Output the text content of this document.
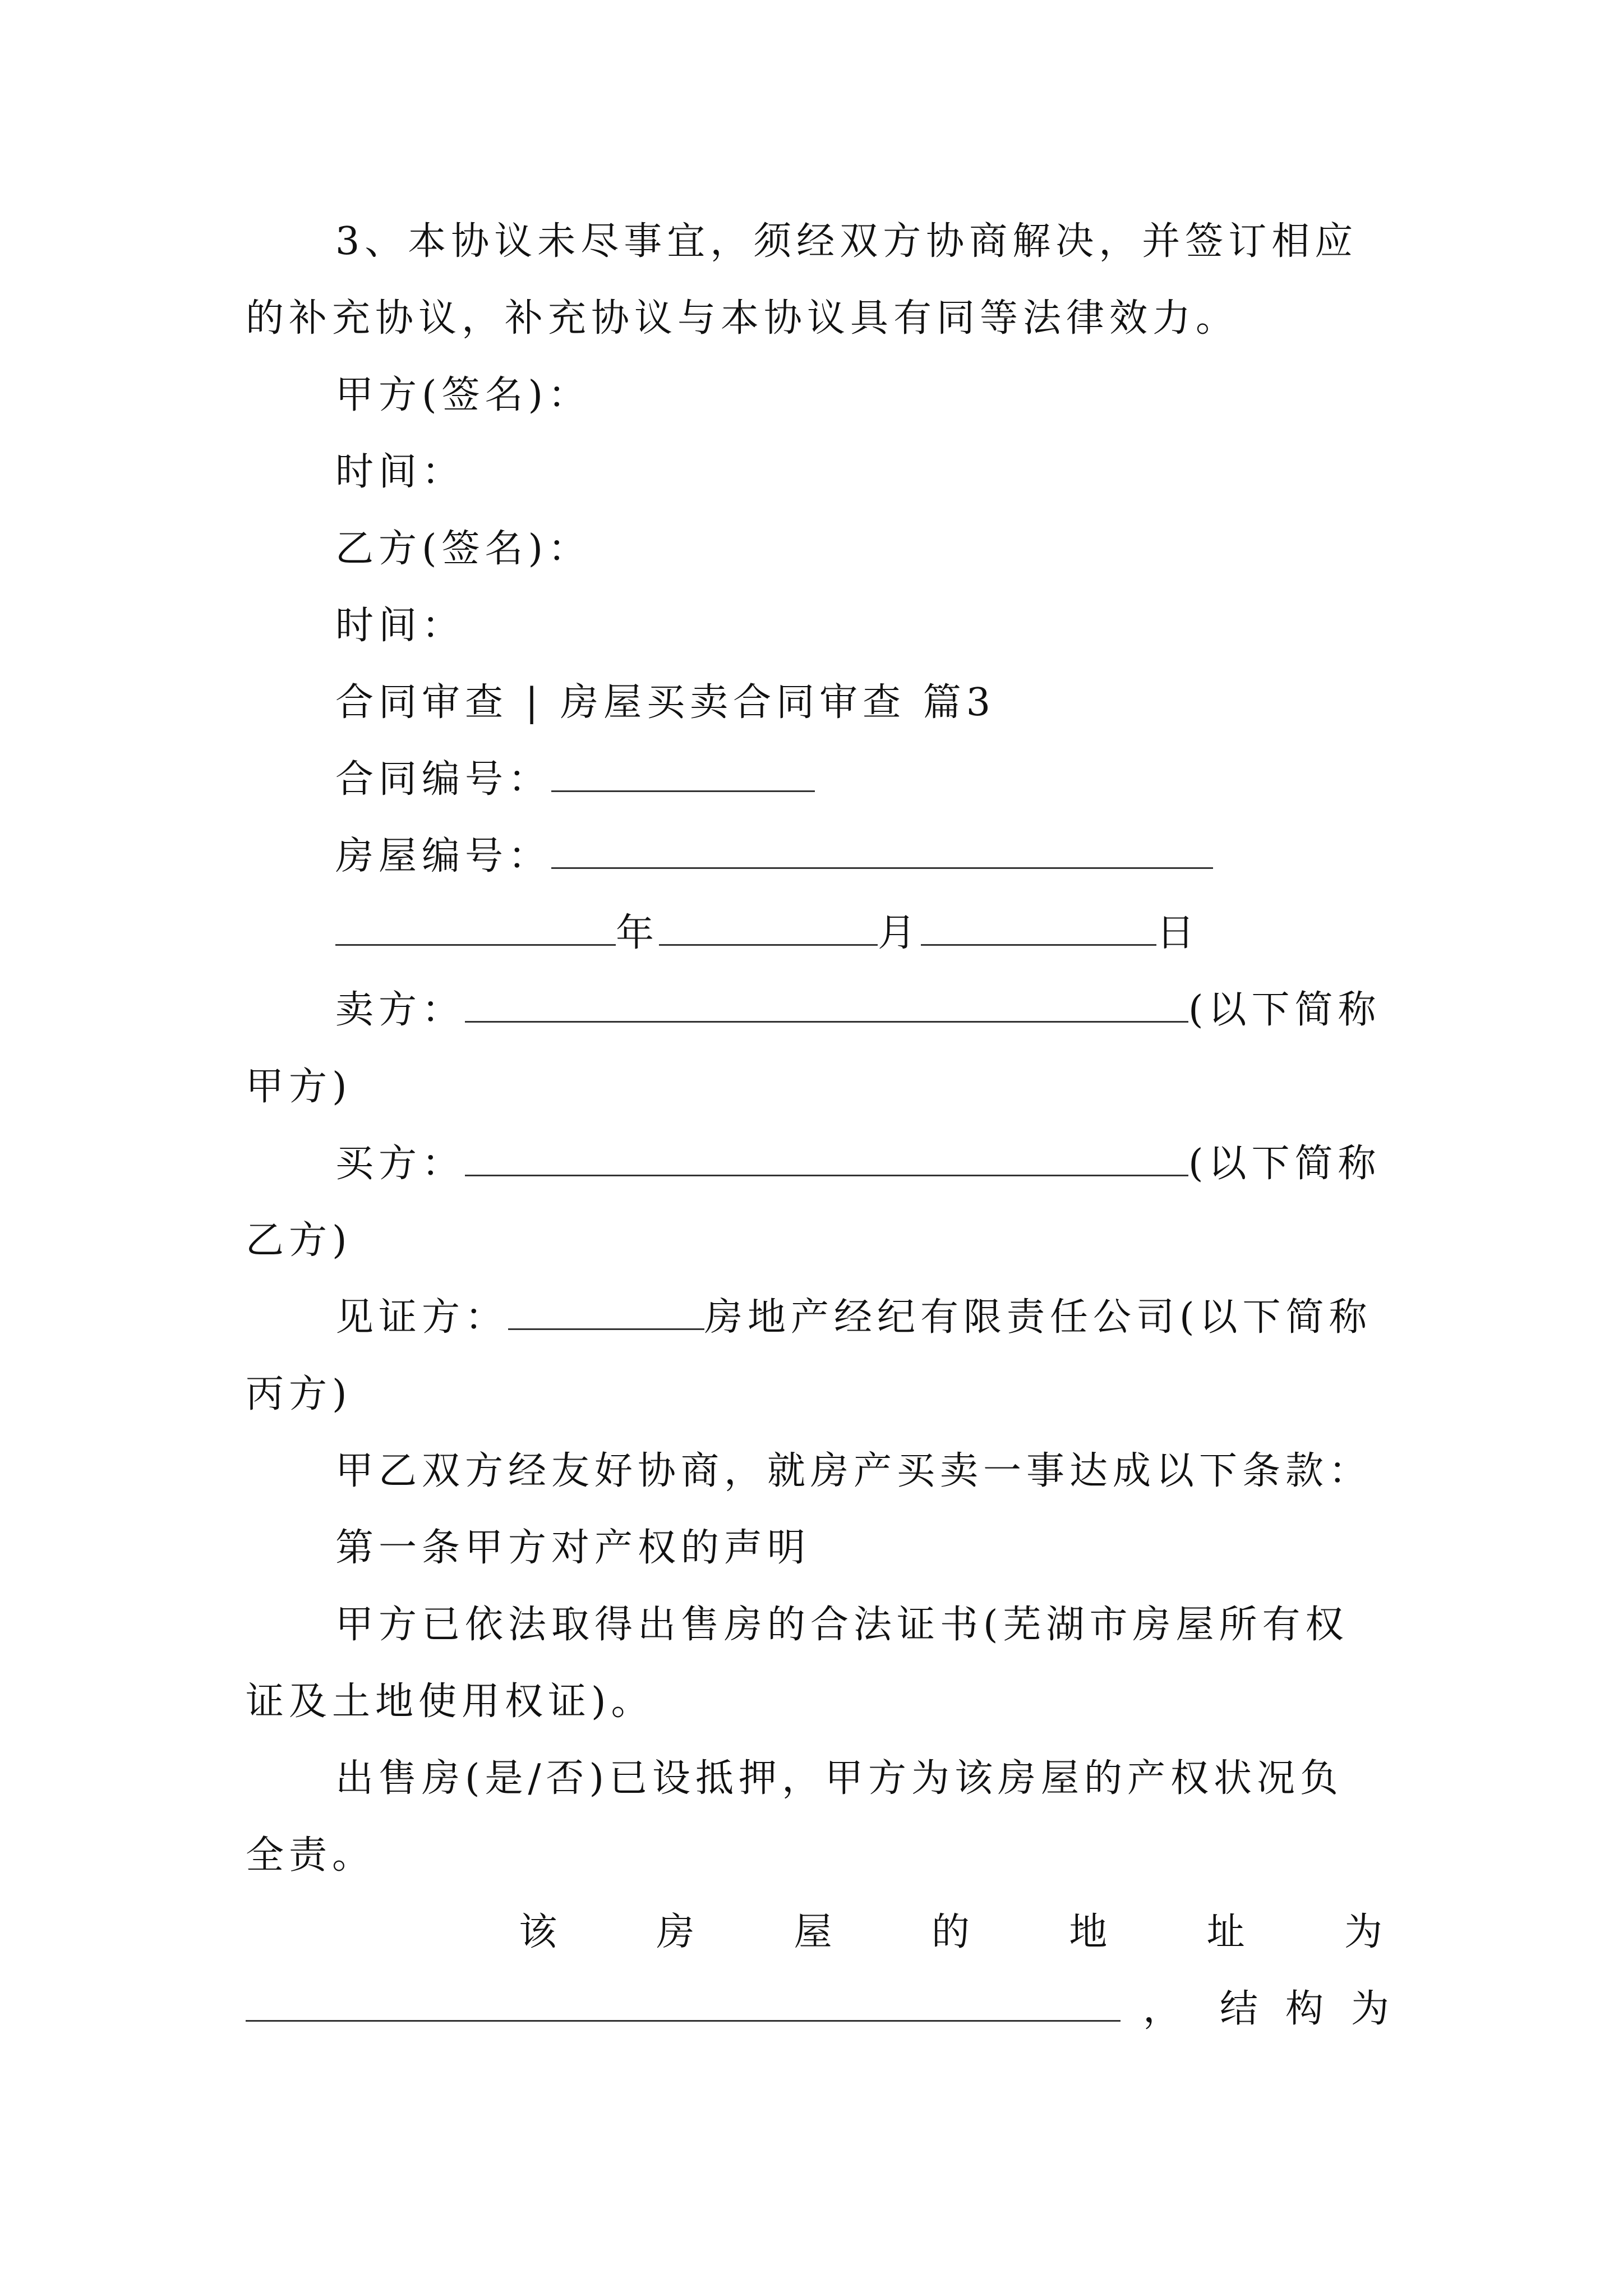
3、本协议未尽事宜，须经双方协商解决，并签订相应
的补充协议，补充协议与本协议具有同等法律效力。
甲方(签名)：
时间：
乙方(签名)：
时间：
合同审查 | 房屋买卖合同审查 篇3
合同编号：
房屋编号：
年	月	日
卖方：	(以下简称
甲方)
买方：	(以下简称
乙方)
见证方：	房地产经纪有限责任公司(以下简称
丙方)
甲乙双方经友好协商，就房产买卖一事达成以下条款：
第一条甲方对产权的声明
甲方已依法取得出售房的合法证书(芜湖市房屋所有权
证及土地使用权证)。
出售房(是/否)已设抵押，甲方为该房屋的产权状况负
全责。
该	房	屋	的	地	址	为
， 结 构 为
